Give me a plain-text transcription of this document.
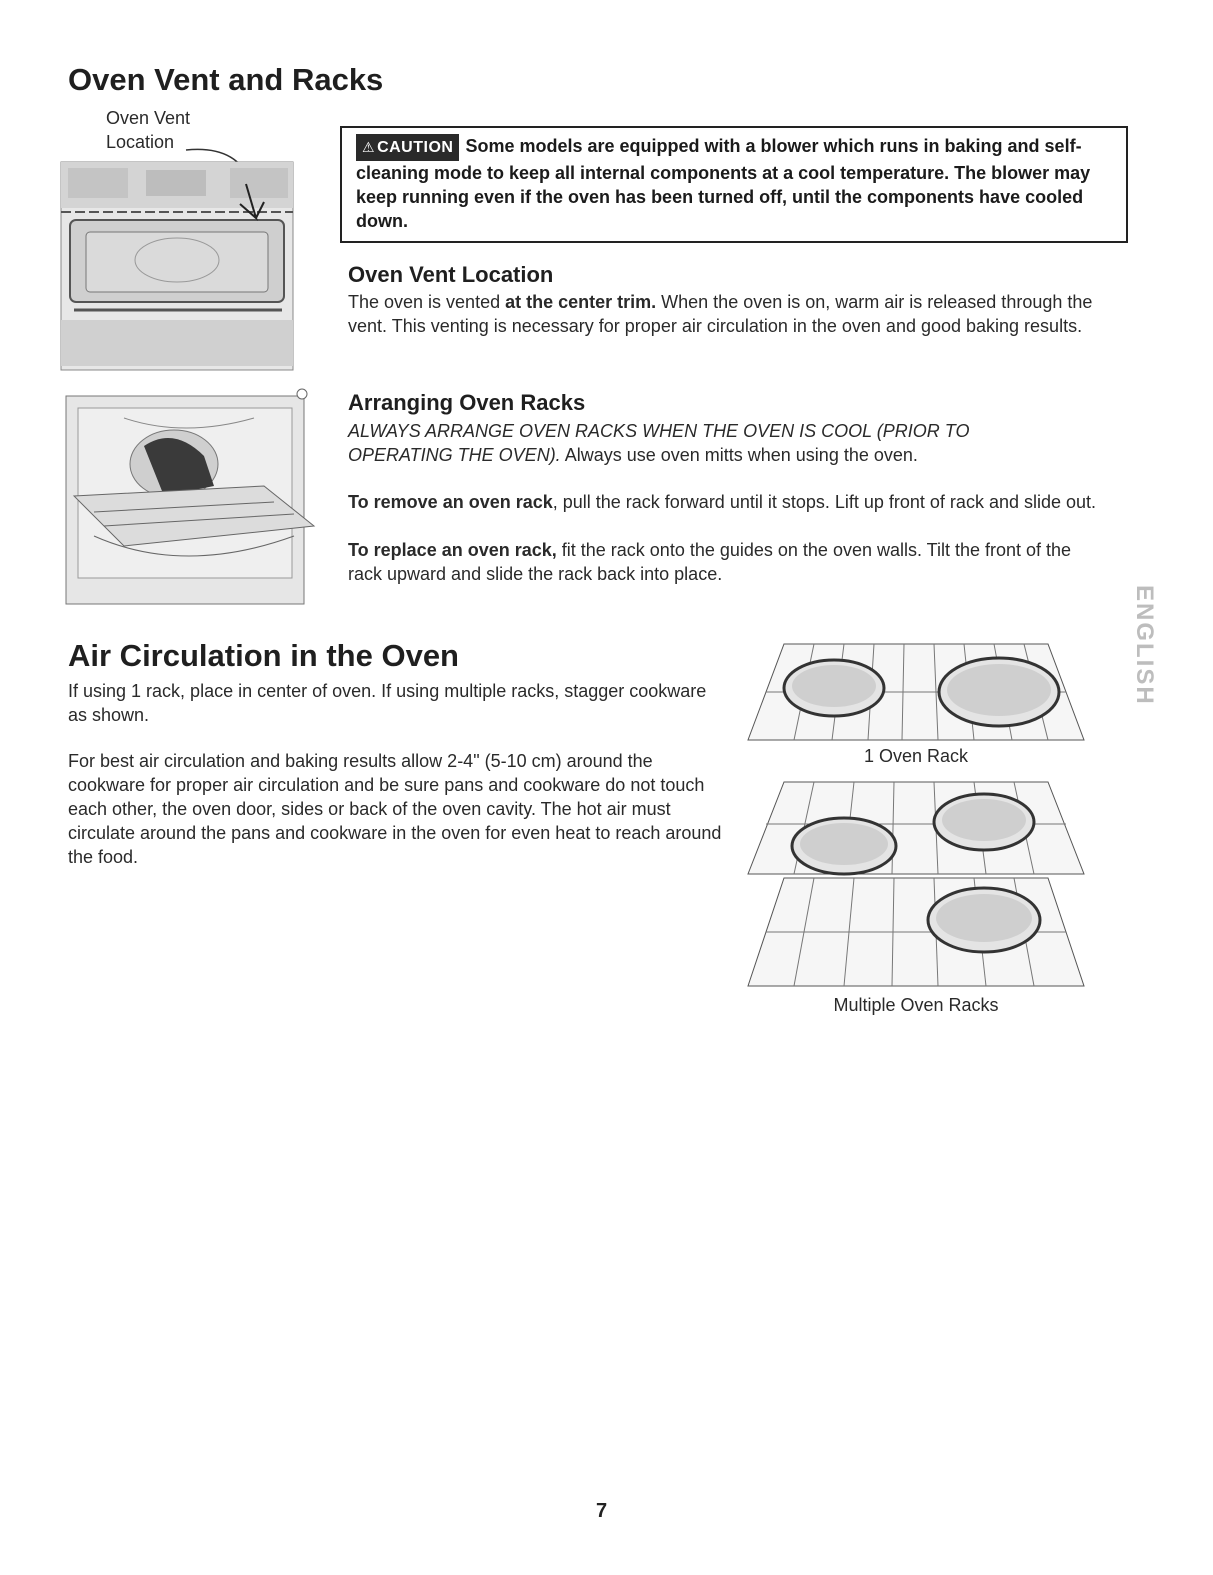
Oven Vent and Racks
Oven Vent
Location	⚠ CAUTION Some models are equipped with a blower which runs in baking and self-cleaning mode to keep all internal components at a cool temperature. The blower may keep running even if the oven has been turned off, until the components have cooled down.
Oven Vent Location
The oven is vented at the center trim. When the oven is on, warm air is released through the vent. This venting is necessary for proper air circulation in the oven and good baking results.
Arranging Oven Racks
ALWAYS ARRANGE OVEN RACKS WHEN THE OVEN IS COOL (PRIOR TO OPERATING THE OVEN). Always use oven mitts when using the oven.
To remove an oven rack, pull the rack forward until it stops. Lift up front of rack and slide out.
To replace an oven rack, fit the rack onto the guides on the oven walls. Tilt the front of the rack upward and slide the rack back into place.
ENGLISH
Air Circulation in the Oven
If using 1 rack, place in center of oven. If using multiple racks, stagger cookware as shown.
For best air circulation and baking results allow 2-4" (5-10 cm) around the cookware for proper air circulation and be sure pans and cookware do not touch each other, the oven door, sides or back of the oven cavity. The hot air must circulate around the pans and cookware in the oven for even heat to reach around the food.
1 Oven Rack
Multiple Oven Racks
7
